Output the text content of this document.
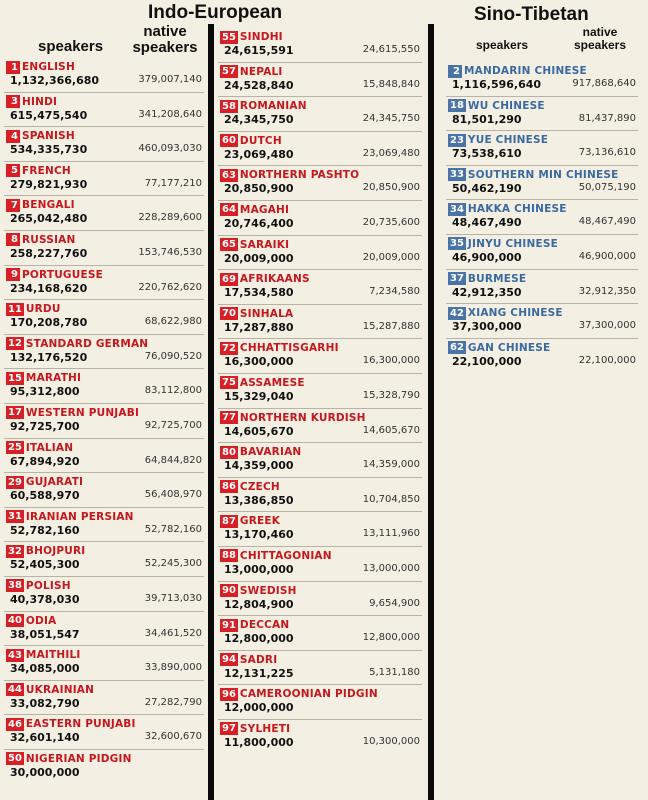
Indo-European	Sino-Tibetan
speakers
native
speakers	speakers
native
speakers
1 ENGLISH
1,132,366,680	379,007,140
3 HINDI
615,475,540	341,208,640
4 SPANISH
534,335,730	460,093,030
5 FRENCH
279,821,930	77,177,210
7 BENGALI
265,042,480	228,289,600
8 RUSSIAN
258,227,760	153,746,530
9 PORTUGUESE
234,168,620	220,762,620
11 URDU
170,208,780	68,622,980
12 STANDARD GERMAN
132,176,520	76,090,520
15 MARATHI
95,312,800	83,112,800
17 WESTERN PUNJABI
92,725,700	92,725,700
25 ITALIAN
67,894,920	64,844,820
29 GUJARATI
60,588,970	56,408,970
31 IRANIAN PERSIAN
52,782,160	52,782,160
32 BHOJPURI
52,405,300	52,245,300
38 POLISH
40,378,030	39,713,030
40 ODIA
38,051,547	34,461,520
43 MAITHILI
34,085,000	33,890,000
44 UKRAINIAN
33,082,790	27,282,790
46 EASTERN PUNJABI
32,601,140	32,600,670
50 NIGERIAN PIDGIN
30,000,000
55 SINDHI
24,615,591	24,615,550
57 NEPALI
24,528,840	15,848,840
58 ROMANIAN
24,345,750	24,345,750
60 DUTCH
23,069,480	23,069,480
63 NORTHERN PASHTO
20,850,900	20,850,900
64 MAGAHI
20,746,400	20,735,600
65 SARAIKI
20,009,000	20,009,000
69 AFRIKAANS
17,534,580	7,234,580
70 SINHALA
17,287,880	15,287,880
72 CHHATTISGARHI
16,300,000	16,300,000
75 ASSAMESE
15,329,040	15,328,790
77 NORTHERN KURDISH
14,605,670	14,605,670
80 BAVARIAN
14,359,000	14,359,000
86 CZECH
13,386,850	10,704,850
87 GREEK
13,170,460	13,111,960
88 CHITTAGONIAN
13,000,000	13,000,000
90 SWEDISH
12,804,900	9,654,900
91 DECCAN
12,800,000	12,800,000
94 SADRI
12,131,225	5,131,180
96 CAMEROONIAN PIDGIN
12,000,000
97 SYLHETI
11,800,000	10,300,000
2 MANDARIN CHINESE
1,116,596,640	917,868,640
18 WU CHINESE
81,501,290	81,437,890
23 YUE CHINESE
73,538,610	73,136,610
33 SOUTHERN MIN CHINESE
50,462,190	50,075,190
34 HAKKA CHINESE
48,467,490	48,467,490
35 JINYU CHINESE
46,900,000	46,900,000
37 BURMESE
42,912,350	32,912,350
42 XIANG CHINESE
37,300,000	37,300,000
62 GAN CHINESE
22,100,000	22,100,000
